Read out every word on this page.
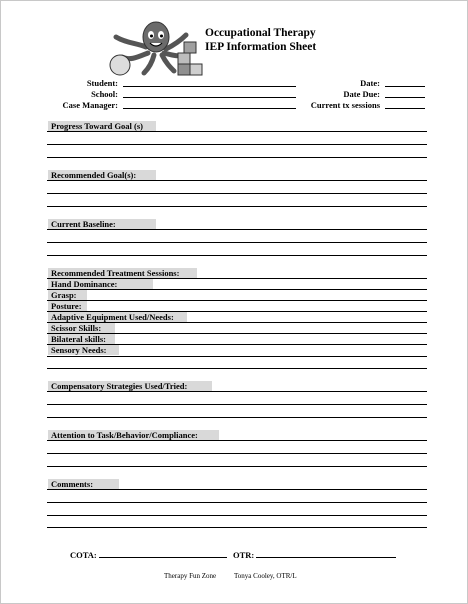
Occupational Therapy
IEP Information Sheet
Student:
School:
Case Manager:
Date:
Date Due:
Current tx sessions
Progress Toward Goal (s)
Recommended Goal(s):
Current Baseline:
Recommended Treatment Sessions:
Hand Dominance:
Grasp:
Posture:
Adaptive Equipment Used/Needs:
Scissor Skills:
Bilateral skills:
Sensory Needs:
Compensatory Strategies Used/Tried:
Attention to Task/Behavior/Compliance:
Comments:
COTA:	OTR:
Therapy Fun Zone	Tonya Cooley, OTR/L
